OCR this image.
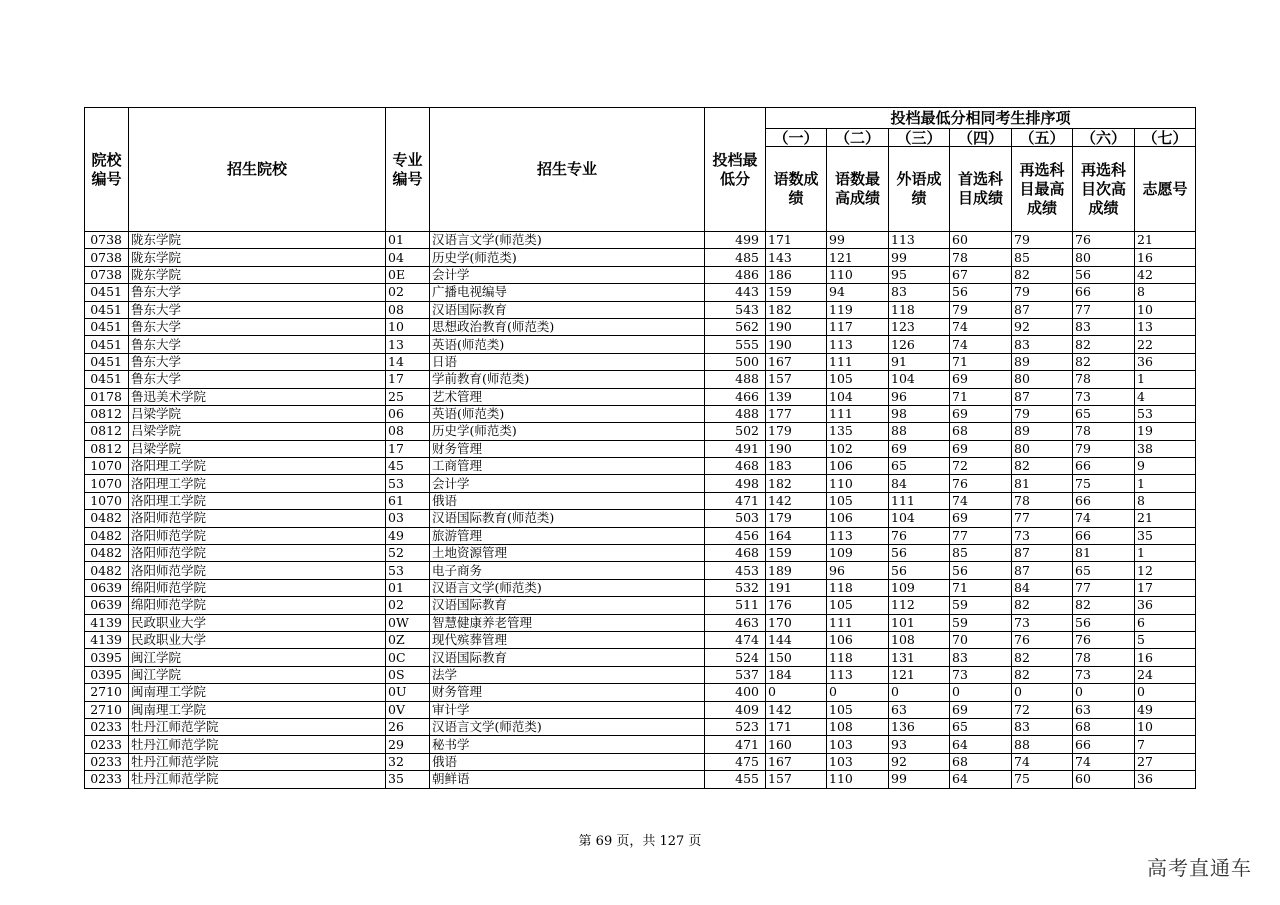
院校编号	招生院校	专业编号	招生专业	投档最低分	投档最低分相同考生排序项						
					（一）	（二）	（三）	（四）	（五）	（六）	（七）
					语数成绩	语数最高成绩	外语成绩	首选科目成绩	再选科目最高成绩	再选科目次高成绩	志愿号
0738	陇东学院	01	汉语言文学(师范类)	499	171	99	113	60	79	76	21
0738	陇东学院	04	历史学(师范类)	485	143	121	99	78	85	80	16
0738	陇东学院	0E	会计学	486	186	110	95	67	82	56	42
0451	鲁东大学	02	广播电视编导	443	159	94	83	56	79	66	8
0451	鲁东大学	08	汉语国际教育	543	182	119	118	79	87	77	10
0451	鲁东大学	10	思想政治教育(师范类)	562	190	117	123	74	92	83	13
0451	鲁东大学	13	英语(师范类)	555	190	113	126	74	83	82	22
0451	鲁东大学	14	日语	500	167	111	91	71	89	82	36
0451	鲁东大学	17	学前教育(师范类)	488	157	105	104	69	80	78	1
0178	鲁迅美术学院	25	艺术管理	466	139	104	96	71	87	73	4
0812	吕梁学院	06	英语(师范类)	488	177	111	98	69	79	65	53
0812	吕梁学院	08	历史学(师范类)	502	179	135	88	68	89	78	19
0812	吕梁学院	17	财务管理	491	190	102	69	69	80	79	38
1070	洛阳理工学院	45	工商管理	468	183	106	65	72	82	66	9
1070	洛阳理工学院	53	会计学	498	182	110	84	76	81	75	1
1070	洛阳理工学院	61	俄语	471	142	105	111	74	78	66	8
0482	洛阳师范学院	03	汉语国际教育(师范类)	503	179	106	104	69	77	74	21
0482	洛阳师范学院	49	旅游管理	456	164	113	76	77	73	66	35
0482	洛阳师范学院	52	土地资源管理	468	159	109	56	85	87	81	1
0482	洛阳师范学院	53	电子商务	453	189	96	56	56	87	65	12
0639	绵阳师范学院	01	汉语言文学(师范类)	532	191	118	109	71	84	77	17
0639	绵阳师范学院	02	汉语国际教育	511	176	105	112	59	82	82	36
4139	民政职业大学	0W	智慧健康养老管理	463	170	111	101	59	73	56	6
4139	民政职业大学	0Z	现代殡葬管理	474	144	106	108	70	76	76	5
0395	闽江学院	0C	汉语国际教育	524	150	118	131	83	82	78	16
0395	闽江学院	0S	法学	537	184	113	121	73	82	73	24
2710	闽南理工学院	0U	财务管理	400	0	0	0	0	0	0	0
2710	闽南理工学院	0V	审计学	409	142	105	63	69	72	63	49
0233	牡丹江师范学院	26	汉语言文学(师范类)	523	171	108	136	65	83	68	10
0233	牡丹江师范学院	29	秘书学	471	160	103	93	64	88	66	7
0233	牡丹江师范学院	32	俄语	475	167	103	92	68	74	74	27
0233	牡丹江师范学院	35	朝鲜语	455	157	110	99	64	75	60	36
第 69 页，共 127 页
高考直通车
